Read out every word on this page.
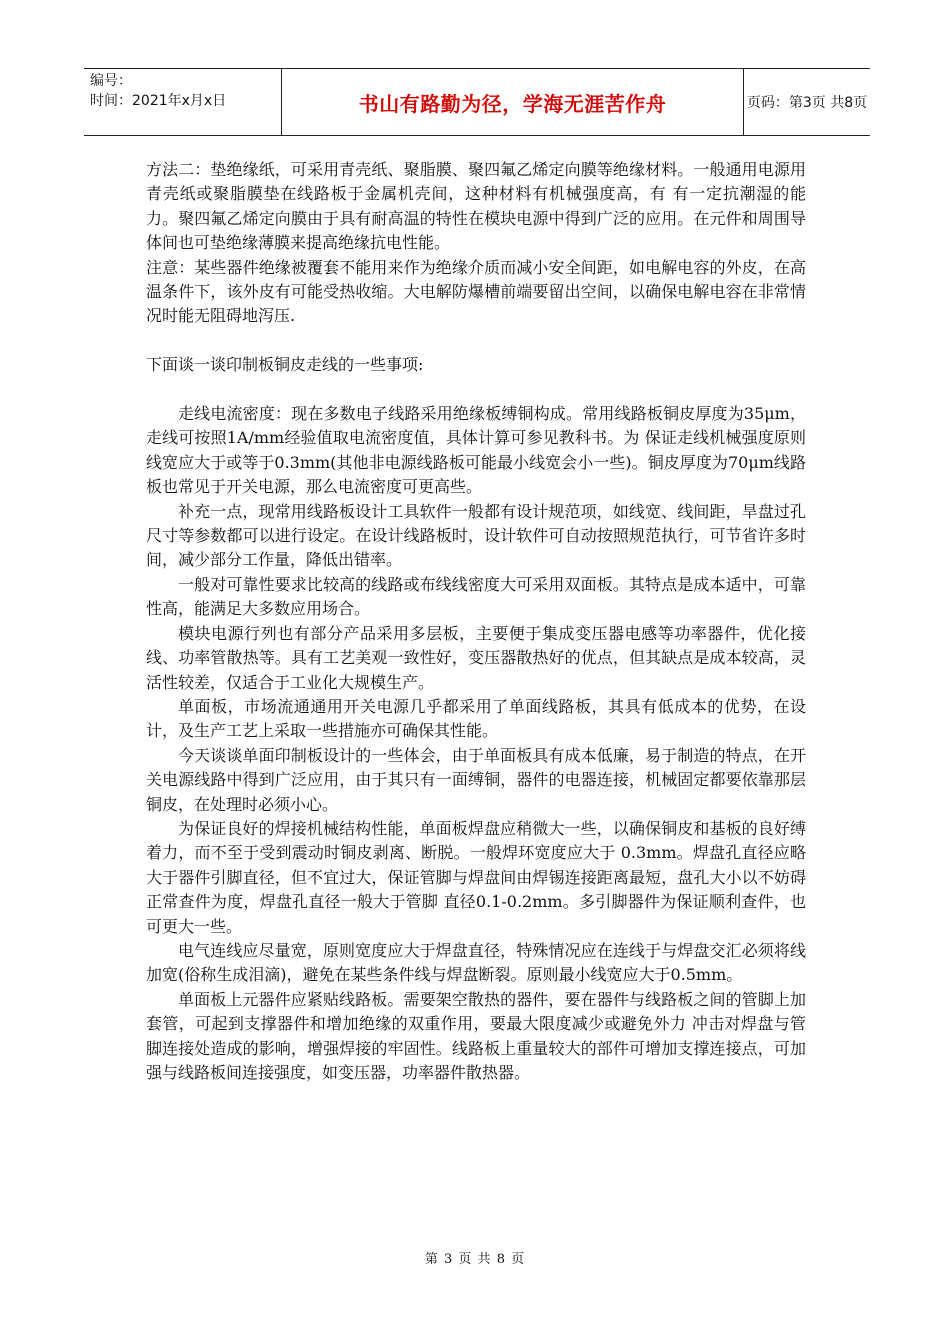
编号：
时间：2021年x月x日	书山有路勤为径，学海无涯苦作舟	页码：第3页 共8页

方法二：垫绝缘纸，可采用青壳纸、聚脂膜、聚四氟乙烯定向膜等绝缘材料。一般通用电源用青壳纸或聚脂膜垫在线路板于金属机壳间，这种材料有机械强度高，有 有一定抗潮湿的能力。聚四氟乙烯定向膜由于具有耐高温的特性在模块电源中得到广泛的应用。在元件和周围导体间也可垫绝缘薄膜来提高绝缘抗电性能。

注意：某些器件绝缘被覆套不能用来作为绝缘介质而减小安全间距，如电解电容的外皮，在高温条件下，该外皮有可能受热收缩。大电解防爆槽前端要留出空间，以确保电解电容在非常情况时能无阻碍地泻压.

下面谈一谈印制板铜皮走线的一些事项:

走线电流密度：现在多数电子线路采用绝缘板缚铜构成。常用线路板铜皮厚度为35μm，走线可按照1A/mm经验值取电流密度值，具体计算可参见教科书。为 保证走线机械强度原则线宽应大于或等于0.3mm(其他非电源线路板可能最小线宽会小一些)。铜皮厚度为70μm线路板也常见于开关电源，那么电流密度可更高些。

补充一点，现常用线路板设计工具软件一般都有设计规范项，如线宽、线间距，旱盘过孔尺寸等参数都可以进行设定。在设计线路板时，设计软件可自动按照规范执行，可节省许多时间，减少部分工作量，降低出错率。

一般对可靠性要求比较高的线路或布线线密度大可采用双面板。其特点是成本适中，可靠性高，能满足大多数应用场合。

模块电源行列也有部分产品采用多层板，主要便于集成变压器电感等功率器件，优化接线、功率管散热等。具有工艺美观一致性好，变压器散热好的优点，但其缺点是成本较高，灵活性较差，仅适合于工业化大规模生产。

单面板，市场流通通用开关电源几乎都采用了单面线路板，其具有低成本的优势，在设计，及生产工艺上采取一些措施亦可确保其性能。

今天谈谈单面印制板设计的一些体会，由于单面板具有成本低廉，易于制造的特点，在开关电源线路中得到广泛应用，由于其只有一面缚铜，器件的电器连接，机械固定都要依靠那层铜皮，在处理时必须小心。

为保证良好的焊接机械结构性能，单面板焊盘应稍微大一些，以确保铜皮和基板的良好缚着力，而不至于受到震动时铜皮剥离、断脱。一般焊环宽度应大于 0.3mm。焊盘孔直径应略大于器件引脚直径，但不宜过大，保证管脚与焊盘间由焊锡连接距离最短，盘孔大小以不妨碍正常查件为度，焊盘孔直径一般大于管脚 直径0.1-0.2mm。多引脚器件为保证顺利查件，也可更大一些。

电气连线应尽量宽，原则宽度应大于焊盘直径，特殊情况应在连线于与焊盘交汇必须将线加宽(俗称生成泪滴)，避免在某些条件线与焊盘断裂。原则最小线宽应大于0.5mm。

单面板上元器件应紧贴线路板。需要架空散热的器件，要在器件与线路板之间的管脚上加套管，可起到支撑器件和增加绝缘的双重作用，要最大限度减少或避免外力 冲击对焊盘与管脚连接处造成的影响，增强焊接的牢固性。线路板上重量较大的部件可增加支撑连接点，可加强与线路板间连接强度，如变压器，功率器件散热器。

第 3 页 共 8 页
